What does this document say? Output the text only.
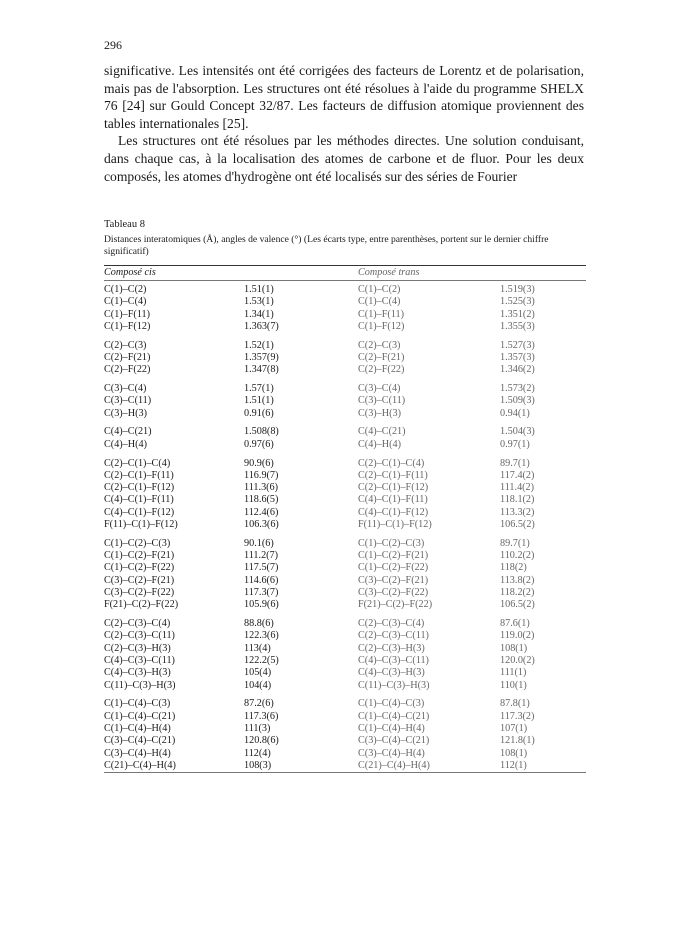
296

significative. Les intensités ont été corrigées des facteurs de Lorentz et de polarisation, mais pas de l'absorption. Les structures ont été résolues à l'aide du programme SHELX 76 [24] sur Gould Concept 32/87. Les facteurs de diffusion atomique proviennent des tables internationales [25].

Les structures ont été résolues par les méthodes directes. Une solution conduisant, dans chaque cas, à la localisation des atomes de carbone et de fluor. Pour les deux composés, les atomes d'hydrogène ont été localisés sur des séries de Fourier

Tableau 8

Distances interatomiques (Å), angles de valence (°) (Les écarts type, entre parenthèses, portent sur le dernier chiffre significatif)

Composé cis		Composé trans	

C(1)–C(2)	1.51(1)	C(1)–C(2)	1.519(3)
C(1)–C(4)	1.53(1)	C(1)–C(4)	1.525(3)
C(1)–F(11)	1.34(1)	C(1)–F(11)	1.351(2)
C(1)–F(12)	1.363(7)	C(1)–F(12)	1.355(3)

C(2)–C(3)	1.52(1)	C(2)–C(3)	1.527(3)
C(2)–F(21)	1.357(9)	C(2)–F(21)	1.357(3)
C(2)–F(22)	1.347(8)	C(2)–F(22)	1.346(2)

C(3)–C(4)	1.57(1)	C(3)–C(4)	1.573(2)
C(3)–C(11)	1.51(1)	C(3)–C(11)	1.509(3)
C(3)–H(3)	0.91(6)	C(3)–H(3)	0.94(1)

C(4)–C(21)	1.508(8)	C(4)–C(21)	1.504(3)
C(4)–H(4)	0.97(6)	C(4)–H(4)	0.97(1)

C(2)–C(1)–C(4)	90.9(6)	C(2)–C(1)–C(4)	89.7(1)
C(2)–C(1)–F(11)	116.9(7)	C(2)–C(1)–F(11)	117.4(2)
C(2)–C(1)–F(12)	111.3(6)	C(2)–C(1)–F(12)	111.4(2)
C(4)–C(1)–F(11)	118.6(5)	C(4)–C(1)–F(11)	118.1(2)
C(4)–C(1)–F(12)	112.4(6)	C(4)–C(1)–F(12)	113.3(2)
F(11)–C(1)–F(12)	106.3(6)	F(11)–C(1)–F(12)	106.5(2)

C(1)–C(2)–C(3)	90.1(6)	C(1)–C(2)–C(3)	89.7(1)
C(1)–C(2)–F(21)	111.2(7)	C(1)–C(2)–F(21)	110.2(2)
C(1)–C(2)–F(22)	117.5(7)	C(1)–C(2)–F(22)	118(2)
C(3)–C(2)–F(21)	114.6(6)	C(3)–C(2)–F(21)	113.8(2)
C(3)–C(2)–F(22)	117.3(7)	C(3)–C(2)–F(22)	118.2(2)
F(21)–C(2)–F(22)	105.9(6)	F(21)–C(2)–F(22)	106.5(2)

C(2)–C(3)–C(4)	88.8(6)	C(2)–C(3)–C(4)	87.6(1)
C(2)–C(3)–C(11)	122.3(6)	C(2)–C(3)–C(11)	119.0(2)
C(2)–C(3)–H(3)	113(4)	C(2)–C(3)–H(3)	108(1)
C(4)–C(3)–C(11)	122.2(5)	C(4)–C(3)–C(11)	120.0(2)
C(4)–C(3)–H(3)	105(4)	C(4)–C(3)–H(3)	111(1)
C(11)–C(3)–H(3)	104(4)	C(11)–C(3)–H(3)	110(1)

C(1)–C(4)–C(3)	87.2(6)	C(1)–C(4)–C(3)	87.8(1)
C(1)–C(4)–C(21)	117.3(6)	C(1)–C(4)–C(21)	117.3(2)
C(1)–C(4)–H(4)	111(3)	C(1)–C(4)–H(4)	107(1)
C(3)–C(4)–C(21)	120.8(6)	C(3)–C(4)–C(21)	121.8(1)
C(3)–C(4)–H(4)	112(4)	C(3)–C(4)–H(4)	108(1)
C(21)–C(4)–H(4)	108(3)	C(21)–C(4)–H(4)	112(1)
